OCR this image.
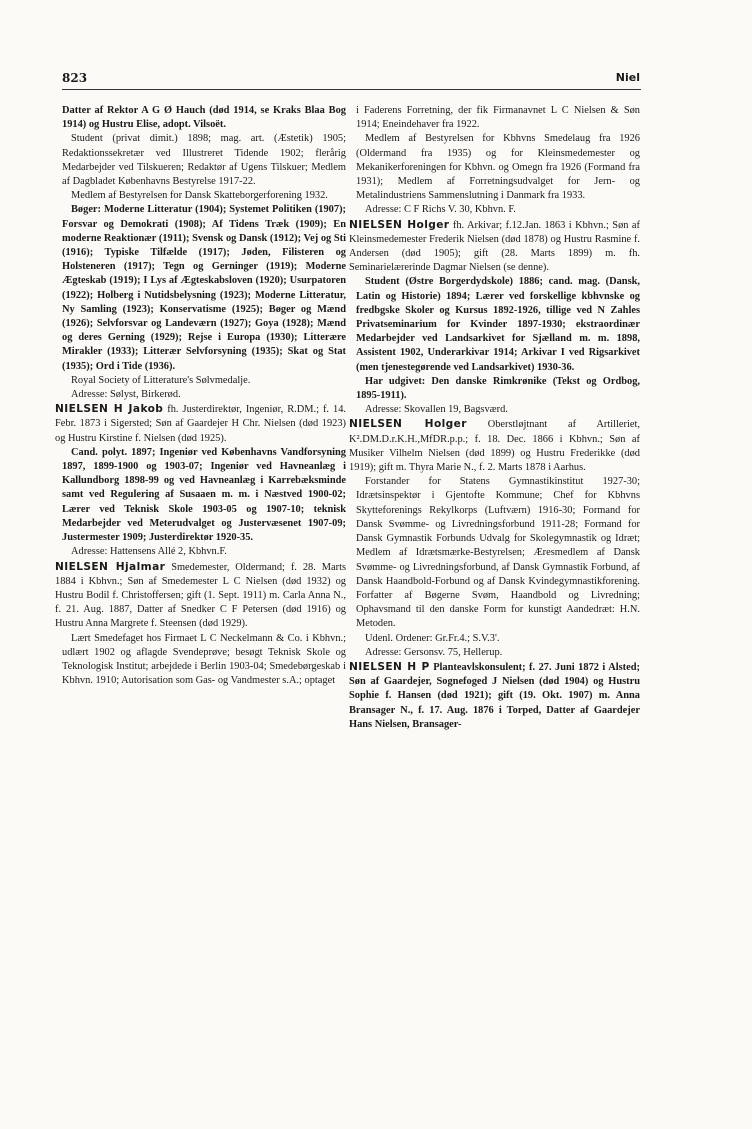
823	Niel

Datter af Rektor A G Ø Hauch (død 1914, se Kraks Blaa Bog 1914) og Hustru Elise, adopt. Vilsoët.

Student (privat dimit.) 1898; mag. art. (Æstetik) 1905; Redaktionssekretær ved Illustreret Tidende 1902; flerårig Medarbejder ved Tilskueren; Redaktør af Ugens Tilskuer; Medlem af Dagbladet Københavns Bestyrelse 1917-22.

Medlem af Bestyrelsen for Dansk Skatteborgerforening 1932.

Bøger: Moderne Litteratur (1904); Systemet Politiken (1907); Forsvar og Demokrati (1908); Af Tidens Træk (1909); En moderne Reaktionær (1911); Svensk og Dansk (1912); Vej og Sti (1916); Typiske Tilfælde (1917); Jøden, Filisteren og Holsteneren (1917); Tegn og Gerninger (1919); Moderne Ægteskab (1919); I Lys af Ægteskabsloven (1920); Usurpatoren (1922); Holberg i Nutidsbelysning (1923); Moderne Litteratur, Ny Samling (1923); Konservatisme (1925); Bøger og Mænd (1926); Selvforsvar og Landeværn (1927); Goya (1928); Mænd og deres Gerning (1929); Rejse i Europa (1930); Litterære Mirakler (1933); Litterær Selvforsyning (1935); Skat og Stat (1935); Ord i Tide (1936).

Royal Society of Litterature's Sølvmedalje.

Adresse: Sølyst, Birkerød.

NIELSEN H Jakob fh. Justerdirektør, Ingeniør, R.DM.; f. 14. Febr. 1873 i Sigersted; Søn af Gaardejer H Chr. Nielsen (død 1923) og Hustru Kirstine f. Nielsen (død 1925).

Cand. polyt. 1897; Ingeniør ved Københavns Vandforsyning 1897, 1899-1900 og 1903-07; Ingeniør ved Havneanlæg i Kallundborg 1898-99 og ved Havneanlæg i Karrebæksminde samt ved Regulering af Susaaen m. m. i Næstved 1900-02; Lærer ved Teknisk Skole 1903-05 og 1907-10; teknisk Medarbejder ved Meterudvalget og Justervæsenet 1907-09; Justermester 1909; Justerdirektør 1920-35.

Adresse: Hattensens Allé 2, Kbhvn.F.

NIELSEN Hjalmar Smedemester, Oldermand; f. 28. Marts 1884 i Kbhvn.; Søn af Smedemester L C Nielsen (død 1932) og Hustru Bodil f. Christoffersen; gift (1. Sept. 1911) m. Carla Anna N., f. 21. Aug. 1887, Datter af Snedker C F Petersen (død 1916) og Hustru Anna Margrete f. Steensen (død 1929).

Lært Smedefaget hos Firmaet L C Neckelmann & Co. i Kbhvn.; udlært 1902 og aflagde Svendeprøve; besøgt Teknisk Skole og Teknologisk Institut; arbejdede i Berlin 1903-04; Smedebørgeskab i Kbhvn. 1910; Autorisation som Gas- og Vandmester s.A.; optaget

i Faderens Forretning, der fik Firmanavnet L C Nielsen & Søn 1914; Eneindehaver fra 1922.

Medlem af Bestyrelsen for Kbhvns Smedelaug fra 1926 (Oldermand fra 1935) og for Kleinsmedemester og Mekanikerforeningen for Kbhvn. og Omegn fra 1926 (Formand fra 1931); Medlem af Forretningsudvalget for Jern- og Metalindustriens Sammenslutning i Danmark fra 1933.

Adresse: C F Richs V. 30, Kbhvn. F.

NIELSEN Holger fh. Arkivar; f.12.Jan. 1863 i Kbhvn.; Søn af Kleinsmedemester Frederik Nielsen (død 1878) og Hustru Rasmine f. Andersen (død 1905); gift (28. Marts 1899) m. fh. Seminarielærerinde Dagmar Nielsen (se denne).

Student (Østre Borgerdydskole) 1886; cand. mag. (Dansk, Latin og Historie) 1894; Lærer ved forskellige kbhvnske og fredbgske Skoler og Kursus 1892-1926, tillige ved N Zahles Privatseminarium for Kvinder 1897-1930; ekstraordinær Medarbejder ved Landsarkivet for Sjælland m. m. 1898, Assistent 1902, Underarkivar 1914; Arkivar I ved Rigsarkivet (men tjenestegørende ved Landsarkivet) 1930-36.

Har udgivet: Den danske Rimkrønike (Tekst og Ordbog, 1895-1911).

Adresse: Skovallen 19, Bagsværd.

NIELSEN Holger Oberstløjtnant af Artilleriet, K².DM.D.r.K.H.,MfDR.p.p.; f. 18. Dec. 1866 i Kbhvn.; Søn af Musiker Vilhelm Nielsen (død 1899) og Hustru Frederikke (død 1919); gift m. Thyra Marie N., f. 2. Marts 1878 i Aarhus.

Forstander for Statens Gymnastikinstitut 1927-30; Idrætsinspektør i Gjentofte Kommune; Chef for Kbhvns Skytteforenings Rekylkorps (Luftværn) 1916-30; Formand for Dansk Svømme- og Livredningsforbund 1911-28; Formand for Dansk Gymnastik Forbunds Udvalg for Skolegymnastik og Idræt; Medlem af Idrætsmærke-Bestyrelsen; Æresmedlem af Dansk Svømme- og Livredningsforbund, af Dansk Gymnastik Forbund, af Dansk Haandbold-Forbund og af Dansk Kvindegymnastikforening. Forfatter af Bøgerne Svøm, Haandbold og Livredning; Ophavsmand til den danske Form for kunstigt Aandedræt: H.N. Metoden.

Udenl. Ordener: Gr.Fr.4.; S.V.3'.

Adresse: Gersonsv. 75, Hellerup.

NIELSEN H P Planteavlskonsulent; f. 27. Juni 1872 i Alsted; Søn af Gaardejer, Sognefoged J Nielsen (død 1904) og Hustru Sophie f. Hansen (død 1921); gift (19. Okt. 1907) m. Anna Bransager N., f. 17. Aug. 1876 i Torped, Datter af Gaardejer Hans Nielsen, Bransager-
